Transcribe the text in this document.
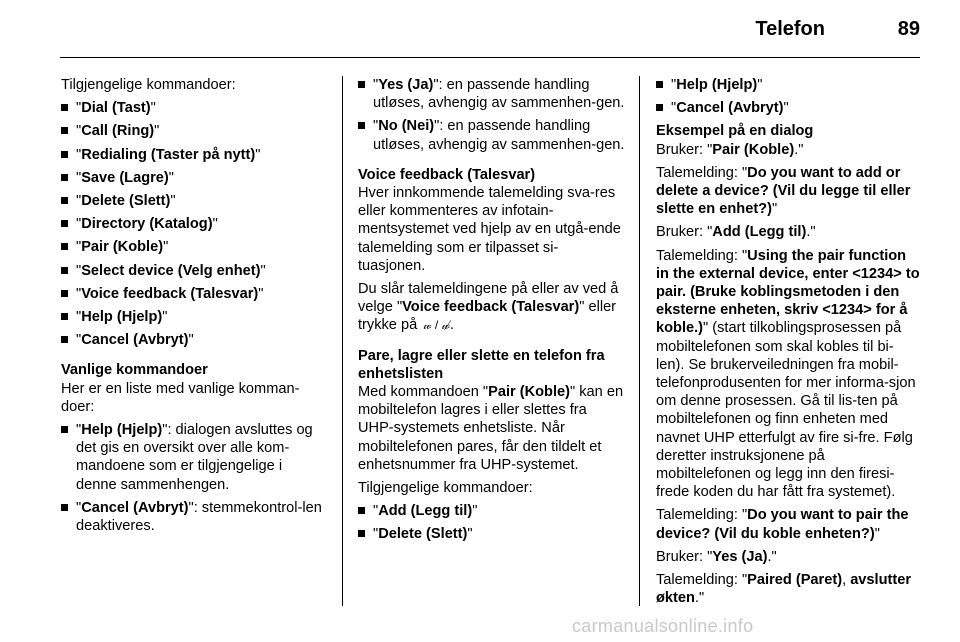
Telefon	89

Tilgjengelige kommandoer:

"Dial (Tast)"
"Call (Ring)"
"Redialing (Taster på nytt)"
"Save (Lagre)"
"Delete (Slett)"
"Directory (Katalog)"
"Pair (Koble)"
"Select device (Velg enhet)"
"Voice feedback (Talesvar)"
"Help (Hjelp)"
"Cancel (Avbryt)"
Vanlige kommandoer

Her er en liste med vanlige komman-doer:

"Help (Hjelp)": dialogen avsluttes og det gis en oversikt over alle kom-mandoene som er tilgjengelige i denne sammenhengen.
"Cancel (Avbryt)": stemmekontrol-len deaktiveres.
"Yes (Ja)": en passende handling utløses, avhengig av sammenhen-gen.
"No (Nei)": en passende handling utløses, avhengig av sammenhen-gen.
Voice feedback (Talesvar)

Hver innkommende talemelding sva-res eller kommenteres av infotain-mentsystemet ved hjelp av en utgå-ende talemelding som er tilpasset si-tuasjonen.

Du slår talemeldingene på eller av ved å velge "Voice feedback (Talesvar)" eller trykke på 𝓌 / 𝓌̸.

Pare, lagre eller slette en telefon fra enhetslisten

Med kommandoen "Pair (Koble)" kan en mobiltelefon lagres i eller slettes fra UHP-systemets enhetsliste. Når mobiltelefonen pares, får den tildelt et enhetsnummer fra UHP-systemet.

Tilgjengelige kommandoer:

"Add (Legg til)"
"Delete (Slett)"
"Help (Hjelp)"
"Cancel (Avbryt)"
Eksempel på en dialog

Bruker: "Pair (Koble)."

Talemelding: "Do you want to add or delete a device? (Vil du legge til eller slette en enhet?)"

Bruker: "Add (Legg til)."

Talemelding: "Using the pair function in the external device, enter <1234> to pair. (Bruke koblingsmetoden i den eksterne enheten, skriv <1234> for å koble.)" (start tilkoblingsprosessen på mobiltelefonen som skal kobles til bi-len). Se brukerveiledningen fra mobil-telefonprodusenten for mer informa-sjon om denne prosessen. Gå til lis-ten på mobiltelefonen og finn enheten med navnet UHP etterfulgt av fire si-fre. Følg deretter instruksjonene på mobiltelefonen og legg inn den firesi-frede koden du har fått fra systemet).

Talemelding: "Do you want to pair the device? (Vil du koble enheten?)"

Bruker: "Yes (Ja)."

Talemelding: "Paired (Paret), avslutter økten."

carmanualsonline.info
